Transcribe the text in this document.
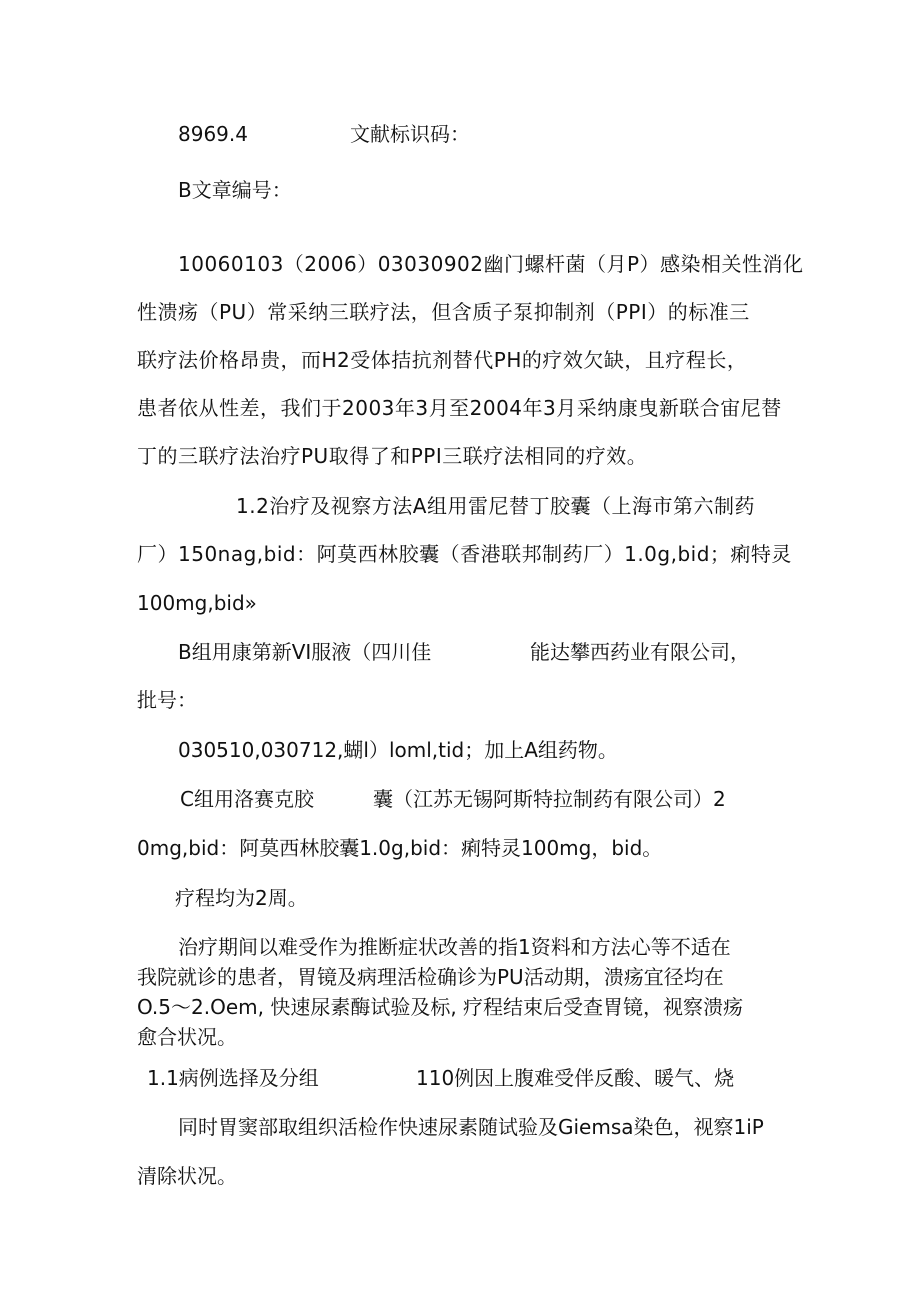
8969.4	文献标识码：
B文章编号：
10060103（2006）03030902幽门螺杆菌（月P）感染相关性消化
性溃疡（PU）常采纳三联疗法，但含质子泵抑制剂（PPI）的标准三
联疗法价格昂贵，而H2受体拮抗剂替代PH的疗效欠缺，且疗程长，
患者依从性差，我们于2003年3月至2004年3月采纳康曳新联合宙尼替
丁的三联疗法治疗PU取得了和PPI三联疗法相同的疗效。
1.2治疗及视察方法A组用雷尼替丁胶囊（上海市第六制药
厂）150nag,bid：阿莫西林胶囊（香港联邦制药厂）1.0g,bid；痢特灵
100mg,bid»
B组用康第新VI服液（四川佳	能达攀西药业有限公司，
批号：
030510,030712,蝴l）loml,tid；加上A组药物。
C组用洛赛克胶	囊（江苏无锡阿斯特拉制药有限公司）2
0mg,bid：阿莫西林胶囊1.0g,bid：痢特灵100mg，bid。
疗程均为2周。
治疗期间以难受作为推断症状改善的指1资料和方法心等不适在
我院就诊的患者，胃镜及病理活检确诊为PU活动期，溃疡宜径均在
O.5～2.Oem, 快速尿素酶试验及标, 疗程结束后受查胃镜，视察溃疡
愈合状况。
1.1病例选择及分组	110例因上腹难受伴反酸、暖气、烧
同时胃窦部取组织活检作快速尿素随试验及Giemsa染色，视察1iP
清除状况。
